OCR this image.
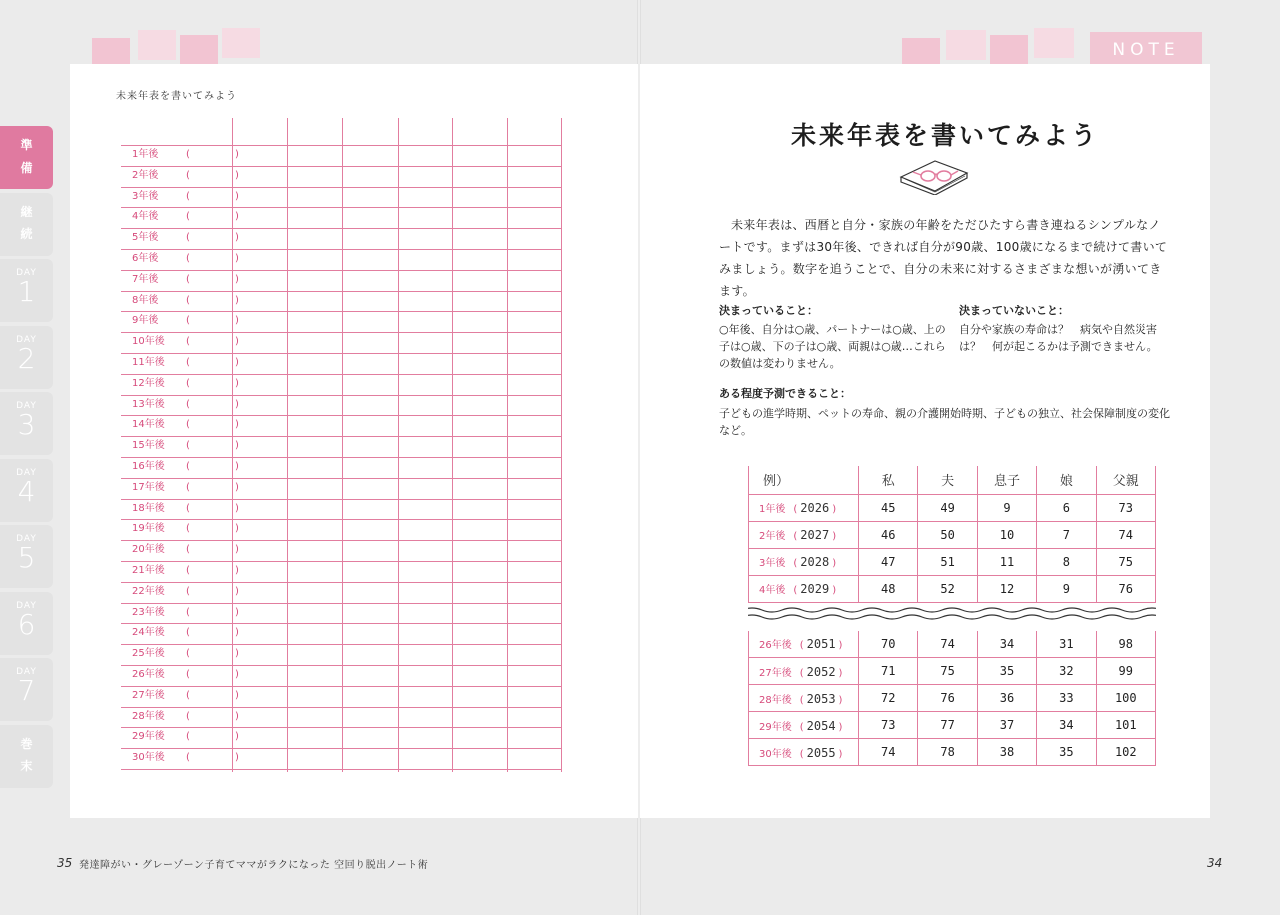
NOTE
準
備
継
続
DAY
1
DAY
2
DAY
3
DAY
4
DAY
5
DAY
6
DAY
7
巻
末
未来年表を書いてみよう
1年後	(	)
2年後	(	)
3年後	(	)
4年後	(	)
5年後	(	)
6年後	(	)
7年後	(	)
8年後	(	)
9年後	(	)
10年後 (	)
11年後 (	)
12年後 (	)
13年後 (	)
14年後 (	)
15年後 (	)
16年後 (	)
17年後 (	)
18年後 (	)
19年後 (	)
20年後 (	)
21年後 (	)
22年後 (	)
23年後 (	)
24年後 (	)
25年後 (	)
26年後 (	)
27年後 (	)
28年後 (	)
29年後 (	)
30年後 (	)
未来年表を書いてみよう
未来年表は、西暦と自分・家族の年齢をただひたすら書き連ねるシンプルなノートです。まずは30年後、できれば自分が90歳、100歳になるまで続けて書いてみましょう。数字を追うことで、自分の未来に対するさまざまな想いが湧いてきます。
決まっていること：
○年後、自分は○歳、パートナーは○歳、上の子は○歳、下の子は○歳、両親は○歳…これらの数値は変わりません。
決まっていないこと：
自分や家族の寿命は？　病気や自然災害は？　何が起こるかは予測できません。
ある程度予測できること：
子どもの進学時期、ペットの寿命、親の介護開始時期、子どもの独立、社会保障制度の変化 など。
例）	私	夫	息子	娘	父親
1年後 ( 2026 )	45	49	9	6	73
2年後 ( 2027 )	46	50	10	7	74
3年後 ( 2028 )	47	51	11	8	75
4年後 ( 2029 )	48	52	12	9	76
26年後 ( 2051 )	70	74	34	31	98
27年後 ( 2052 )	71	75	35	32	99
28年後 ( 2053 )	72	76	36	33	100
29年後 ( 2054 )	73	77	37	34	101
30年後 ( 2055 )	74	78	38	35	102
35 発達障がい・グレーゾーン子育てママがラクになった 空回り脱出ノート術	34
